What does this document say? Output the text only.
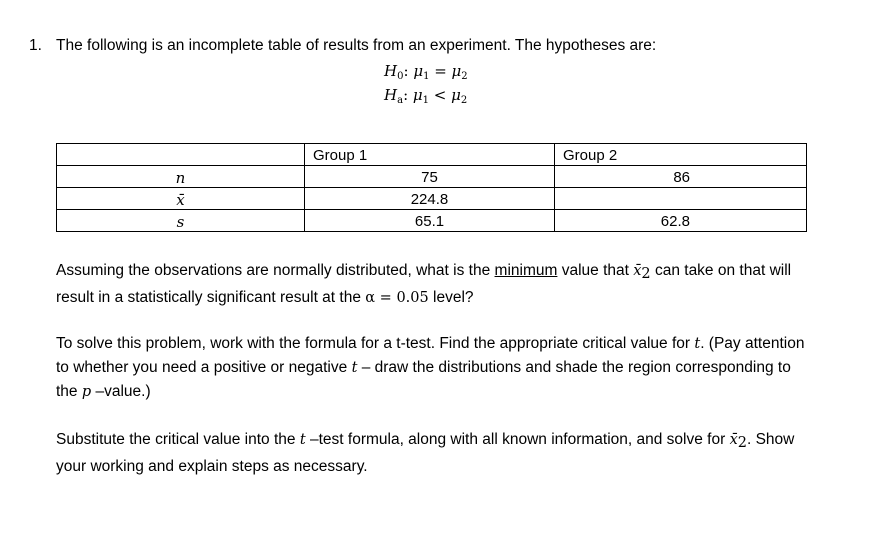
1. The following is an incomplete table of results from an experiment. The hypotheses are:
$H_0$: $\mu_1 = \mu_2$
$H_a$: $\mu_1 < \mu_2$
	Group 1	Group 2
n	75	86
x̄	224.8	
s	65.1	62.8
Assuming the observations are normally distributed, what is the minimum value that x̄2 can take on that will result in a statistically significant result at the α = 0.05 level?
To solve this problem, work with the formula for a t-test. Find the appropriate critical value for t. (Pay attention to whether you need a positive or negative t – draw the distributions and shade the region corresponding to the p –value.)
Substitute the critical value into the t –test formula, along with all known information, and solve for x̄2. Show your working and explain steps as necessary.
